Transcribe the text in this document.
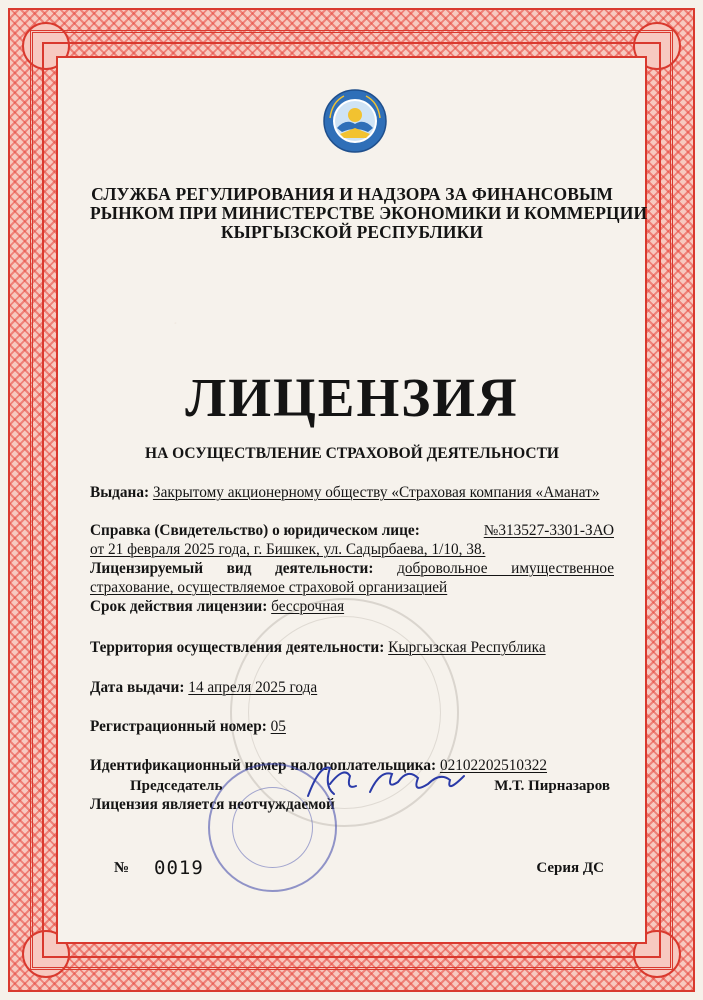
СЛУЖБА РЕГУЛИРОВАНИЯ И НАДЗОРА ЗА ФИНАНСОВЫМ
РЫНКОМ ПРИ МИНИСТЕРСТВЕ ЭКОНОМИКИ И КОММЕРЦИИ
КЫРГЫЗСКОЙ РЕСПУБЛИКИ
ЛИЦЕНЗИЯ
НА ОСУЩЕСТВЛЕНИЕ СТРАХОВОЙ ДЕЯТЕЛЬНОСТИ
Выдана: Закрытому акционерному обществу «Страховая компания «Аманат»
Справка (Свидетельство) о юридическом лице:	№313527-3301-ЗАО
от 21 февраля 2025 года, г. Бишкек, ул. Садырбаева, 1/10, 38.
Лицензируемый вид деятельности: добровольное имущественное страхование, осуществляемое страховой организацией
Срок действия лицензии: бессрочная
Территория осуществления деятельности: Кыргызская Республика
Дата выдачи: 14 апреля 2025 года
Регистрационный номер: 05
Идентификационный номер налогоплательщика: 02102202510322
Лицензия является неотчуждаемой
Председатель	М.Т. Пирназаров
№ 0019	Серия ДС
